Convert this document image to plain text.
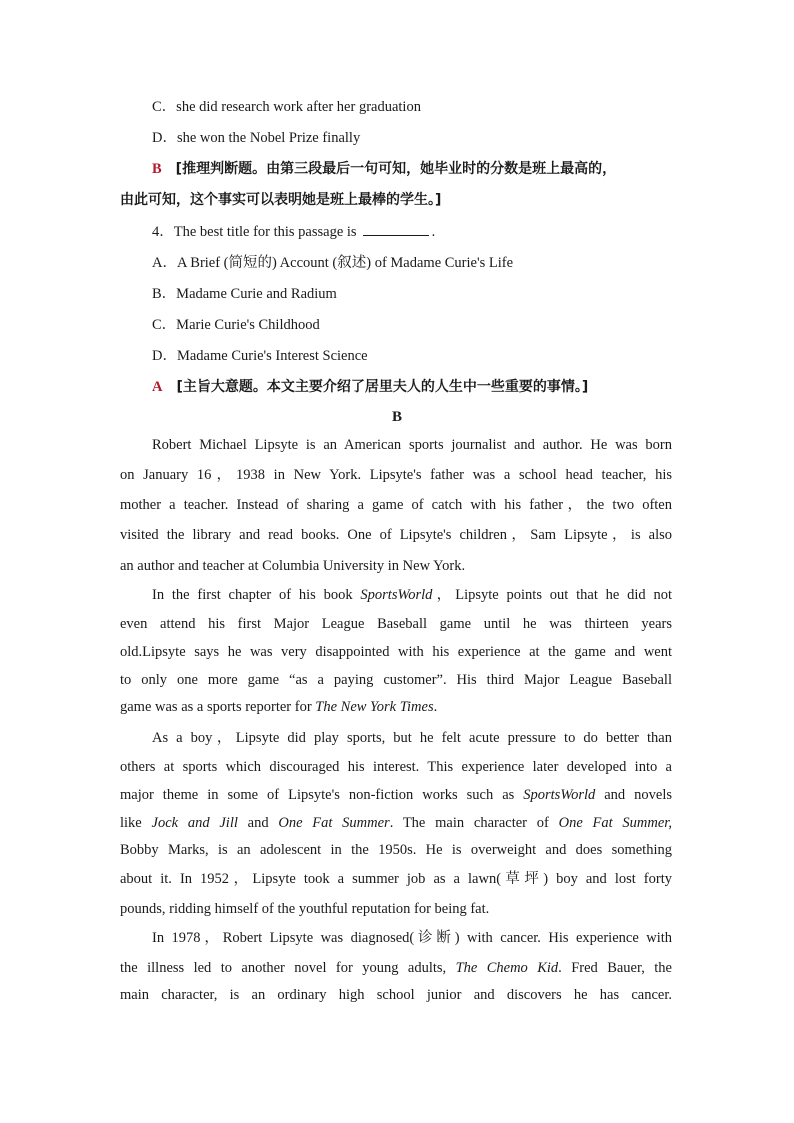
C．she did research work after her graduation
D．she won the Nobel Prize finally
B [推理判断题。由第三段最后一句可知，她毕业时的分数是班上最高的，
由此可知，这个事实可以表明她是班上最棒的学生。]
4．The best title for this passage is	.
A．A Brief (简短的) Account (叙述) of Madame Curie's Life
B．Madame Curie and Radium
C．Marie Curie's Childhood
D．Madame Curie's Interest Science
A [主旨大意题。本文主要介绍了居里夫人的人生中一些重要的事情。]
B
Robert Michael Lipsyte is an American sports journalist and author. He was born
on January 16，1938 in New York. Lipsyte's father was a school head teacher, his
mother a teacher. Instead of sharing a game of catch with his father，the two often
visited the library and read books. One of Lipsyte's children，Sam Lipsyte，is also
an author and teacher at Columbia University in New York.
In the first chapter of his book SportsWorld，Lipsyte points out that he did not
even attend his first Major League Baseball game until he was thirteen years
old.Lipsyte says he was very disappointed with his experience at the game and went
to only one more game “as a paying customer”. His third Major League Baseball
game was as a sports reporter for The New York Times.
As a boy，Lipsyte did play sports, but he felt acute pressure to do better than
others at sports which discouraged his interest. This experience later developed into a
major theme in some of Lipsyte's non-fiction works such as SportsWorld and novels
like Jock and Jill and One Fat Summer. The main character of One Fat Summer,
Bobby Marks, is an adolescent in the 1950s. He is overweight and does something
about it. In 1952，Lipsyte took a summer job as a lawn(草坪) boy and lost forty
pounds, ridding himself of the youthful reputation for being fat.
In 1978，Robert Lipsyte was diagnosed(诊断) with cancer. His experience with
the illness led to another novel for young adults, The Chemo Kid. Fred Bauer, the
main character, is an ordinary high school junior and discovers he has cancer.
